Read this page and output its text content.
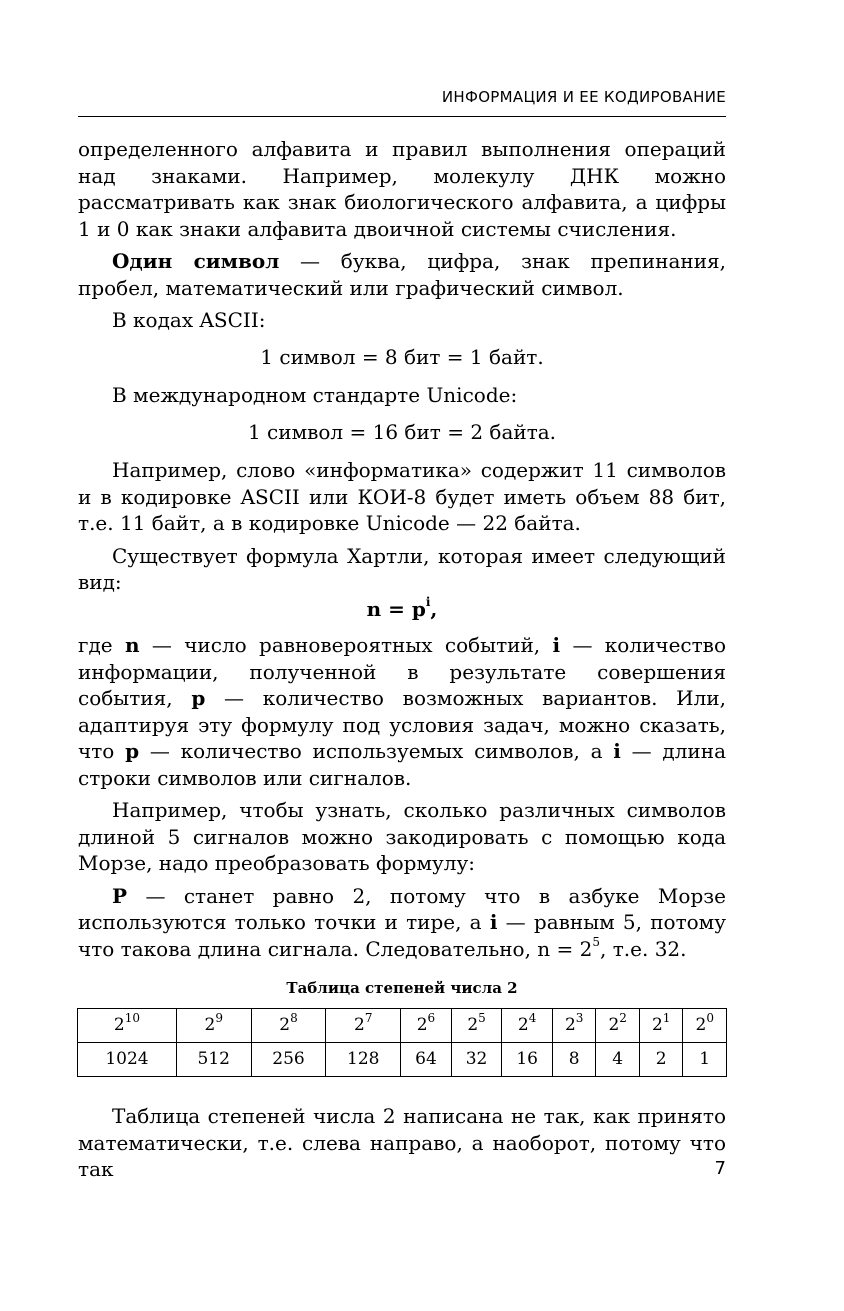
ИНФОРМАЦИЯ И ЕЕ КОДИРОВАНИЕ

определенного алфавита и правил выполнения операций над знаками. Например, молекулу ДНК можно рассматривать как знак биологического алфавита, а цифры 1 и 0 как знаки алфавита двоичной системы счисления.

Один символ — буква, цифра, знак препинания, пробел, математический или графический символ.

В кодах ASCII:

1 символ = 8 бит = 1 байт.

В международном стандарте Unicode:

1 символ = 16 бит = 2 байта.

Например, слово «информатика» содержит 11 символов и в кодировке ASCII или КОИ-8 будет иметь объем 88 бит, т.е. 11 байт, а в кодировке Unicode — 22 байта.

Существует формула Хартли, которая имеет следующий вид:

$n = p^i$,

где n — число равновероятных событий, i — количество информации, полученной в результате совершения события, p — количество возможных вариантов. Или, адаптируя эту формулу под условия задач, можно сказать, что p — количество используемых символов, а i — длина строки символов или сигналов.

Например, чтобы узнать, сколько различных символов длиной 5 сигналов можно закодировать с помощью кода Морзе, надо преобразовать формулу:

P — станет равно 2, потому что в азбуке Морзе используются только точки и тире, а i — равным 5, потому что такова длина сигнала. Следовательно, $n = 2^5$, т.е. 32.

Таблица степеней числа 2
$2^{10}$	$2^9$	$2^8$	$2^7$	$2^6$	$2^5$	$2^4$	$2^3$	$2^2$	$2^1$	$2^0$
1024	512	256	128	64	32	16	8	4	2	1

Таблица степеней числа 2 написана не так, как принято математически, т.е. слева направо, а наоборот, потому что так	7
